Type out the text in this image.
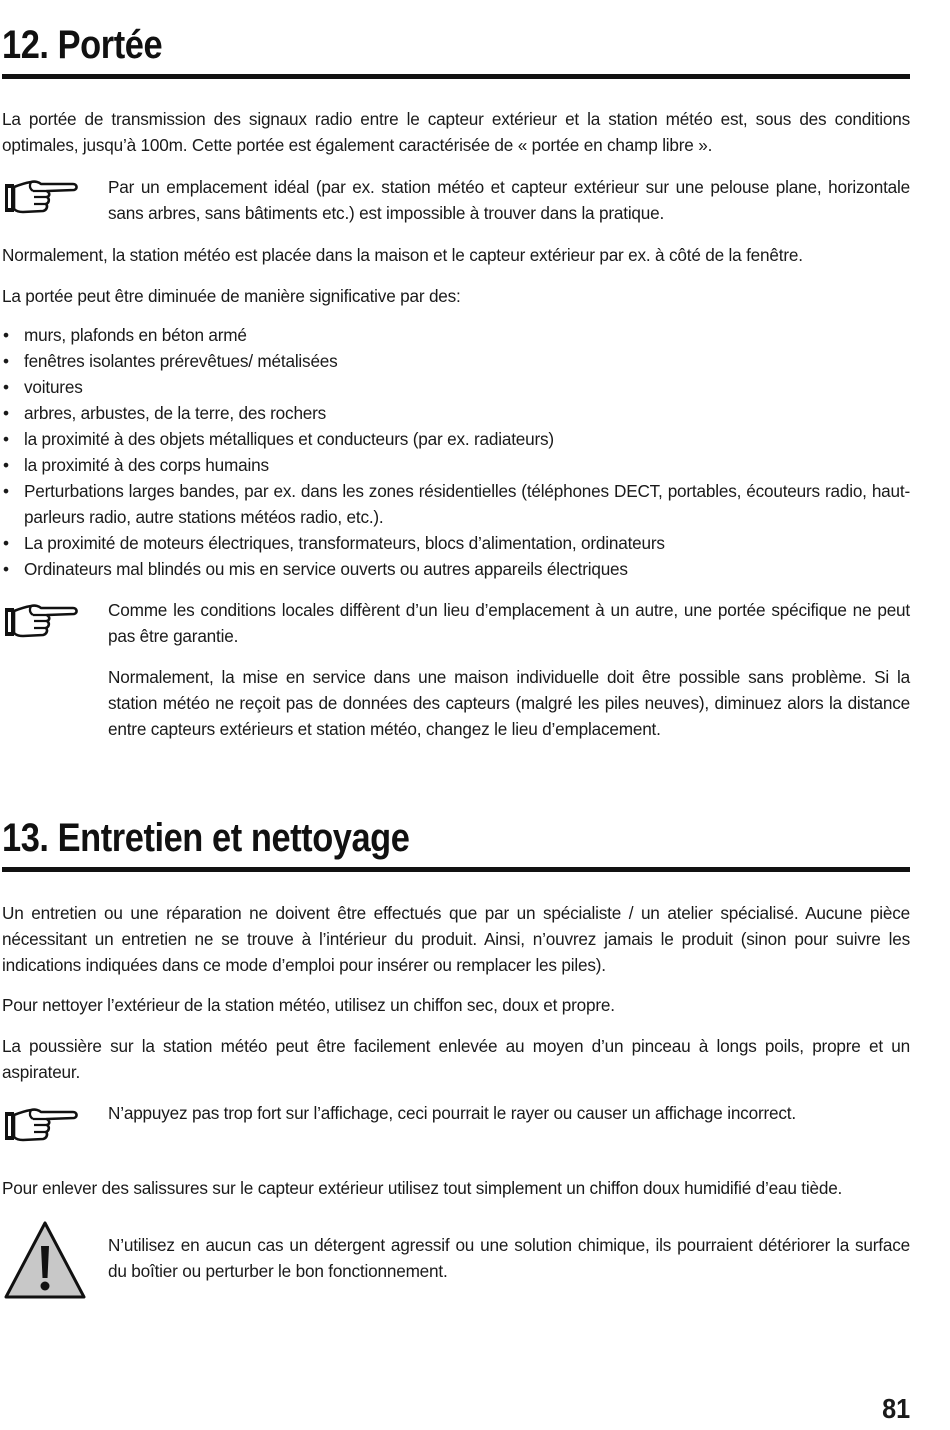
12. Portée
La portée de transmission des signaux radio entre le capteur extérieur et la station météo est, sous des conditions optimales, jusqu’à 100m. Cette portée est également caractérisée de « portée en champ libre ».
Par un emplacement idéal (par ex. station météo et capteur extérieur sur une pelouse plane, horizontale sans arbres, sans bâtiments etc.) est impossible à trouver dans la pratique.
Normalement, la station météo est placée dans la maison et le capteur extérieur par ex. à côté de la fenêtre.
La portée peut être diminuée de manière significative par des:
• murs, plafonds en béton armé
• fenêtres isolantes prérevêtues/ métalisées
• voitures
• arbres, arbustes, de la terre, des rochers
• la proximité à des objets métalliques et conducteurs (par ex. radiateurs)
• la proximité à des corps humains
• Perturbations larges bandes, par ex. dans les zones résidentielles (téléphones DECT, portables, écouteurs radio, haut-parleurs radio, autre stations météos radio, etc.).
• La proximité de moteurs électriques, transformateurs, blocs d’alimentation, ordinateurs
• Ordinateurs mal blindés ou mis en service ouverts ou autres appareils électriques
Comme les conditions locales diffèrent d’un lieu d’emplacement à un autre, une portée spécifique ne peut pas être garantie.
Normalement, la mise en service dans une maison individuelle doit être possible sans problème. Si la station météo ne reçoit pas de données des capteurs (malgré les piles neuves), diminuez alors la distance entre capteurs extérieurs et station météo, changez le lieu d’emplacement.
13. Entretien et nettoyage
Un entretien ou une réparation ne doivent être effectués que par un spécialiste / un atelier spécialisé. Aucune pièce nécessitant un entretien ne se trouve à l’intérieur du produit. Ainsi, n’ouvrez jamais le produit (sinon pour suivre les indications indiquées dans ce mode d’emploi pour insérer ou remplacer les piles).
Pour nettoyer l’extérieur de la station météo, utilisez un chiffon sec, doux et propre.
La poussière sur la station météo peut être facilement enlevée au moyen d’un pinceau à longs poils, propre et un aspirateur.
N’appuyez pas trop fort sur l’affichage, ceci pourrait le rayer ou causer un affichage incorrect.
Pour enlever des salissures sur le capteur extérieur utilisez tout simplement un chiffon doux humidifié d’eau tiède.
N’utilisez en aucun cas un détergent agressif ou une solution chimique, ils pourraient détériorer la surface du boîtier ou perturber le bon fonctionnement.
81
